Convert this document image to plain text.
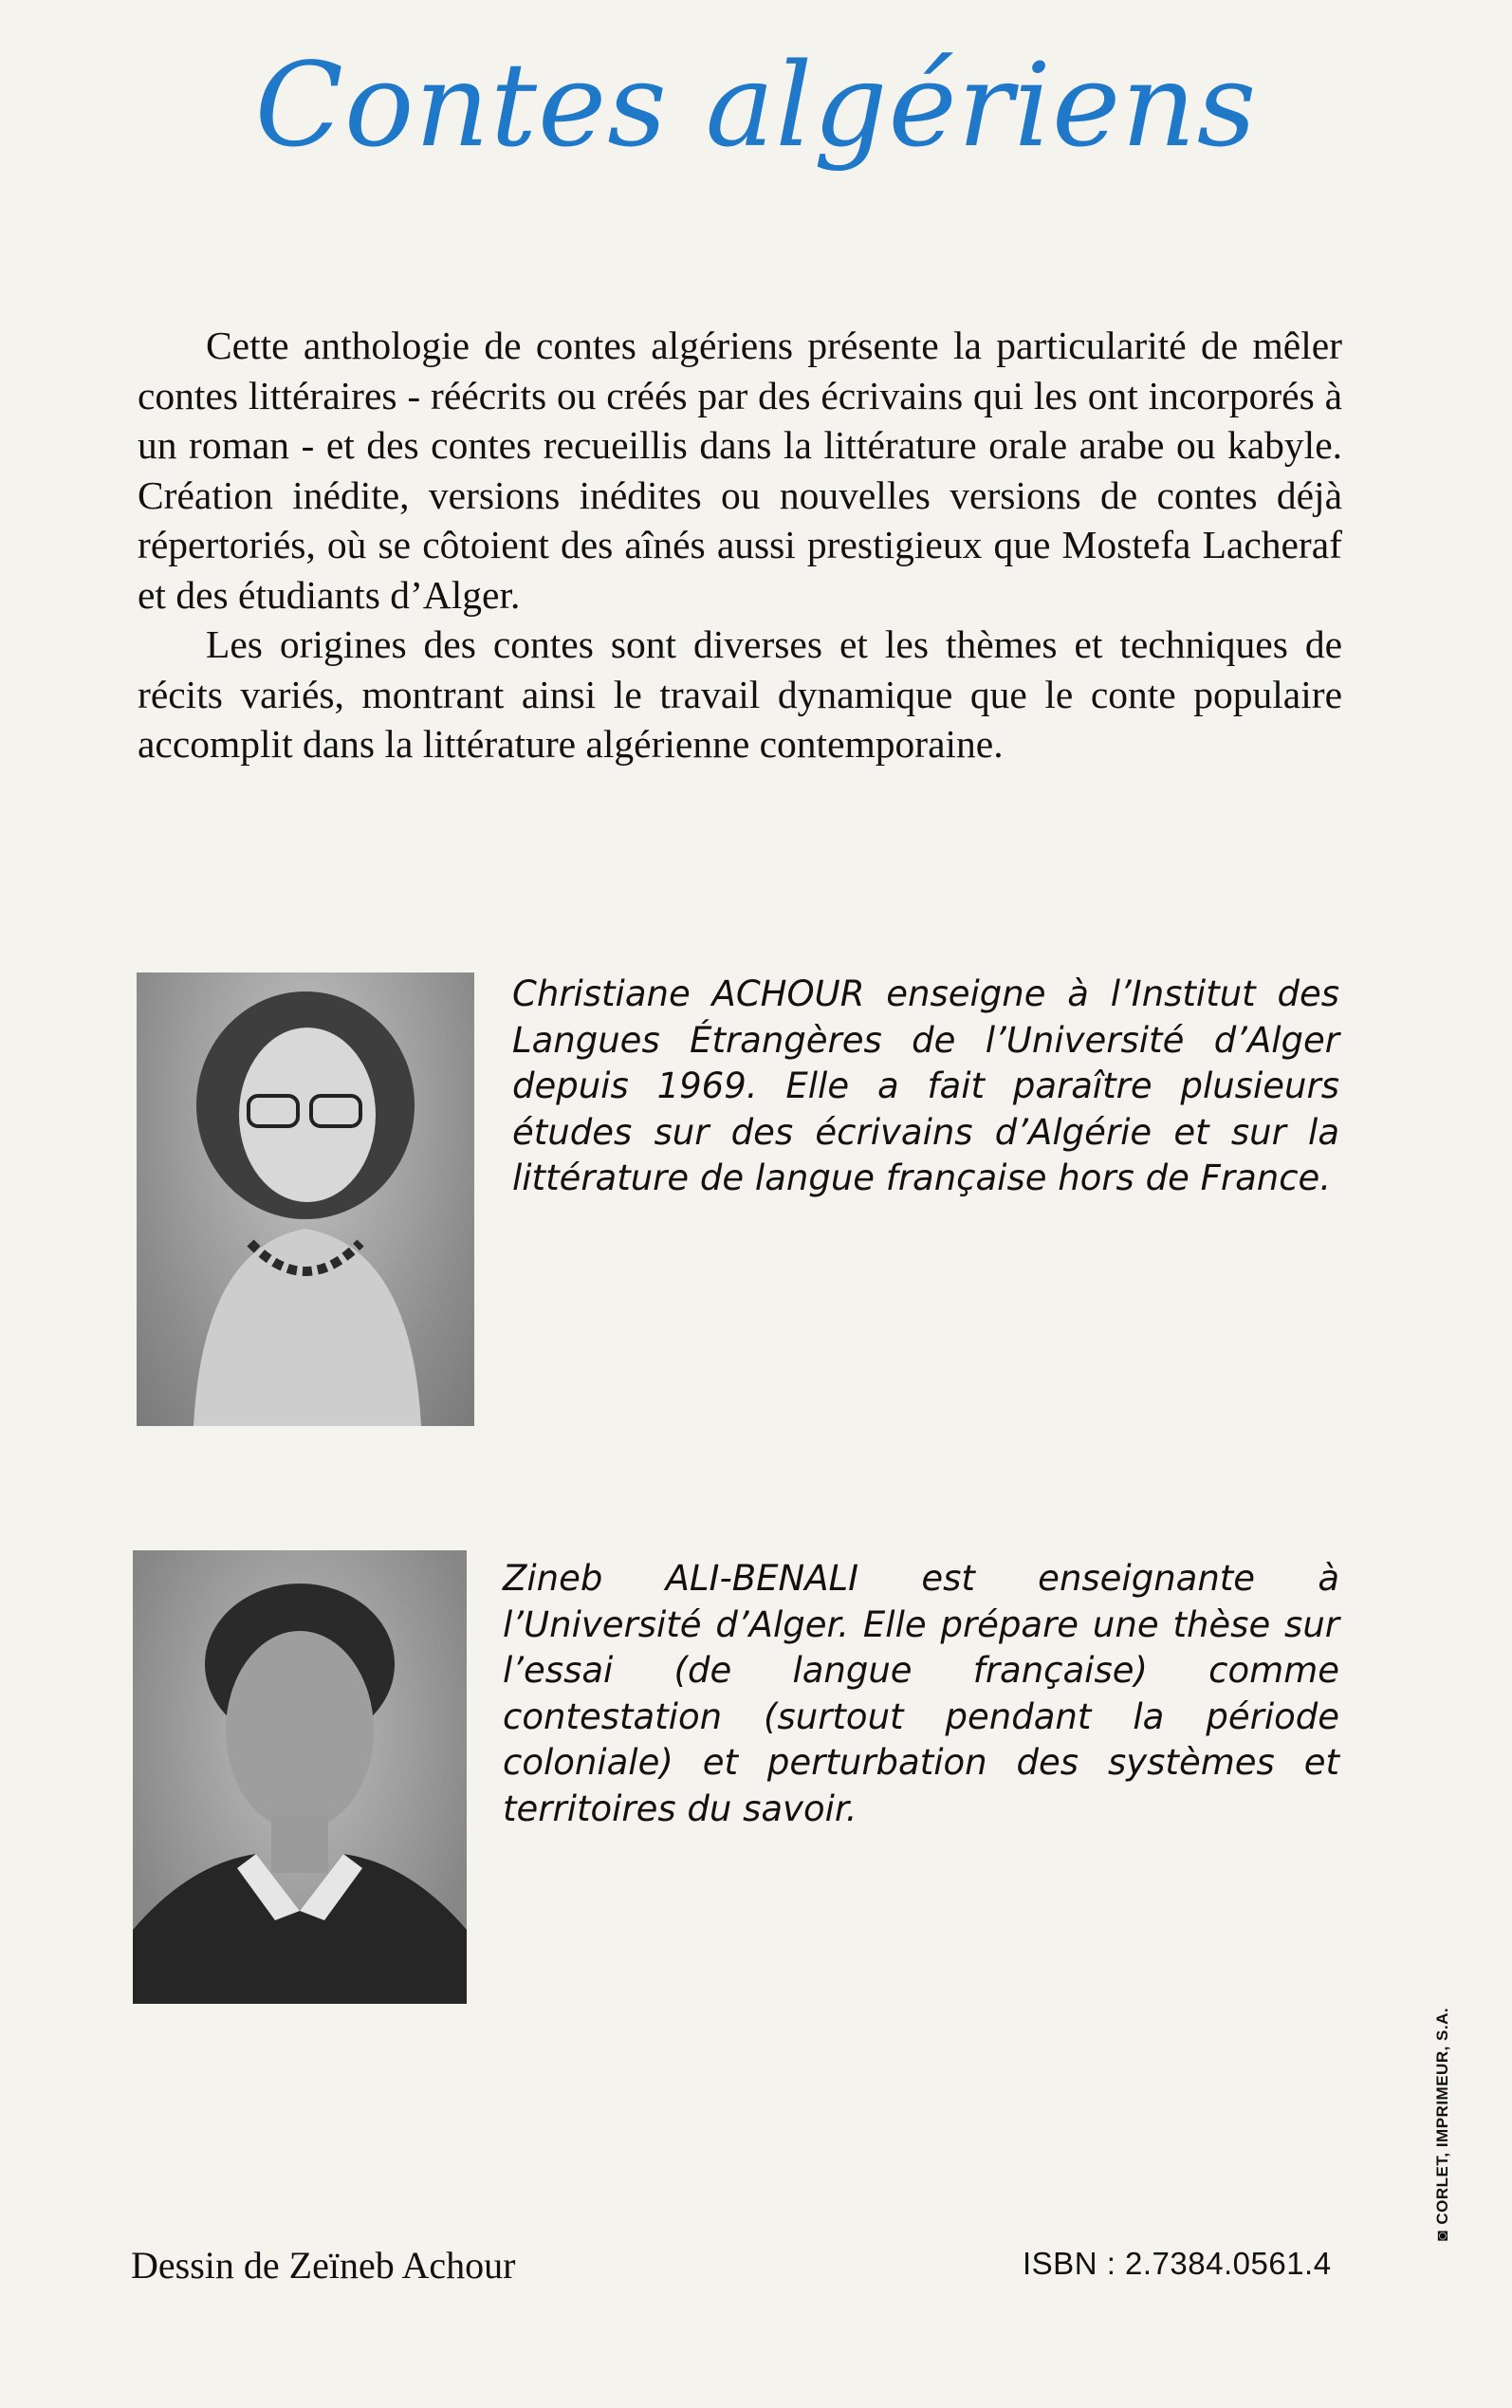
Contes algériens

Cette anthologie de contes algériens présente la particularité de mêler contes littéraires - réécrits ou créés par des écrivains qui les ont incorporés à un roman - et des contes recueillis dans la littérature orale arabe ou kabyle. Création inédite, versions inédites ou nouvelles versions de contes déjà répertoriés, où se côtoient des aînés aussi prestigieux que Mostefa Lacheraf et des étudiants d’Alger.

Les origines des contes sont diverses et les thèmes et techniques de récits variés, montrant ainsi le travail dynamique que le conte populaire accomplit dans la littérature algérienne contemporaine.

Christiane ACHOUR enseigne à l’Institut des Langues Étrangères de l’Université d’Alger depuis 1969. Elle a fait paraître plusieurs études sur des écrivains d’Algérie et sur la littérature de langue française hors de France.
Zineb ALI-BENALI est enseignante à l’Université d’Alger. Elle prépare une thèse sur l’essai (de langue française) comme contestation (surtout pendant la période coloniale) et perturbation des systèmes et territoires du savoir.
Dessin de Zeïneb Achour	ISBN : 2.7384.0561.4
◙CORLET, IMPRIMEUR, S.A.
